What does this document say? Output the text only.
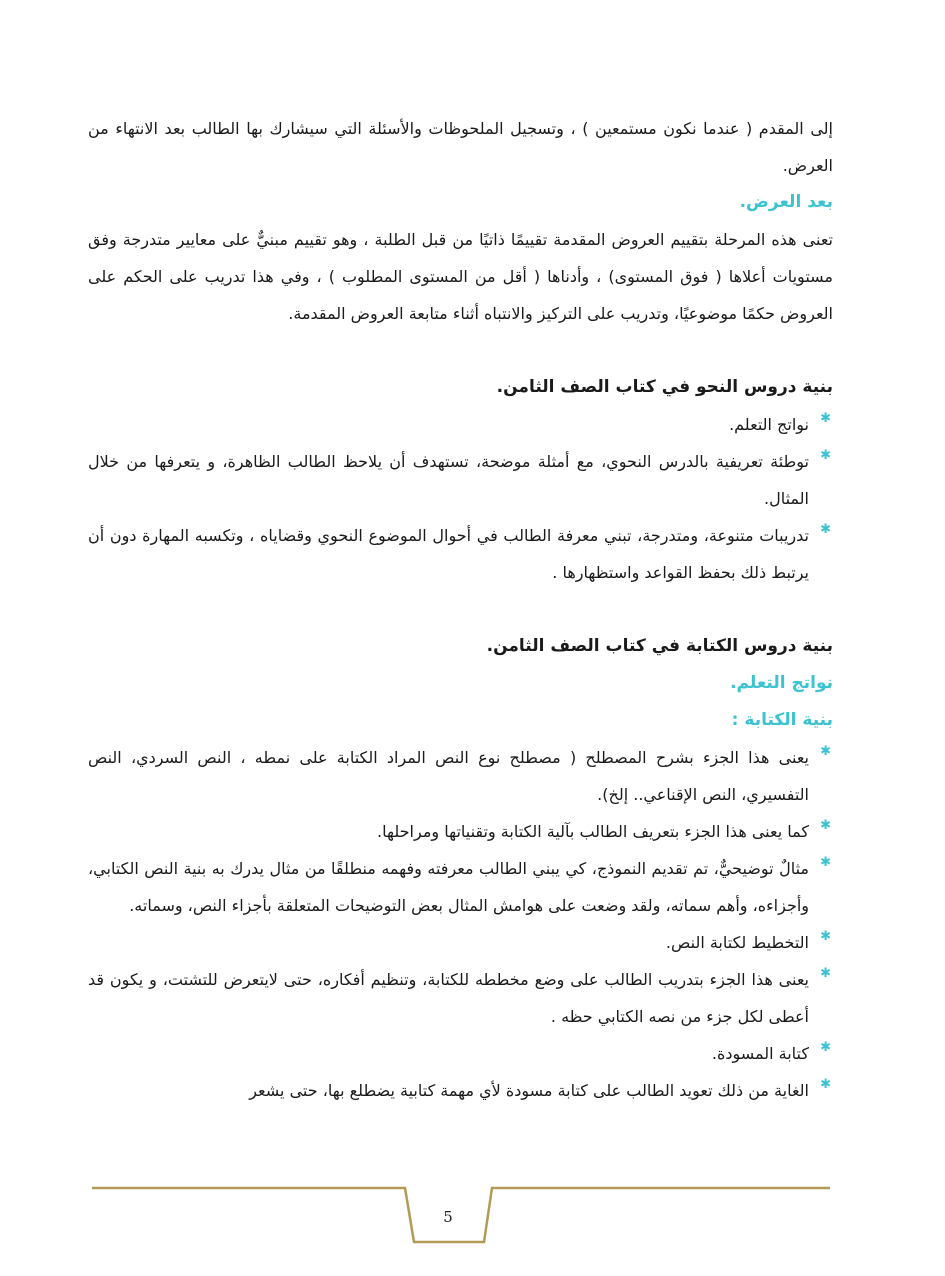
إلى المقدم ( عندما نكون مستمعين ) ، وتسجيل الملحوظات والأسئلة التي سيشارك بها الطالب بعد الانتهاء من العرض.

بعد العرض.

تعنى هذه المرحلة بتقييم العروض المقدمة تقييمًا ذاتيًا من قبل الطلبة ، وهو تقييم مبنيٌّ على معايير متدرجة وفق مستويات أعلاها ( فوق المستوى) ، وأدناها ( أقل من المستوى المطلوب ) ، وفي هذا تدريب على الحكم على العروض حكمًا موضوعيًا، وتدريب على التركيز والانتباه أثناء متابعة العروض المقدمة.

بنية دروس النحو في كتاب الصف الثامن.

✱
نواتج التعلم.
✱
توطئة تعريفية بالدرس النحوي، مع أمثلة موضحة، تستهدف أن يلاحظ الطالب الظاهرة، و يتعرفها من خلال المثال.
✱
تدريبات متنوعة، ومتدرجة، تبني معرفة الطالب في أحوال الموضوع النحوي وقضاياه ، وتكسبه المهارة دون أن يرتبط ذلك بحفظ القواعد واستظهارها .

بنية دروس الكتابة في كتاب الصف الثامن.

نواتج التعلم.

بنية الكتابة :

✱
يعنى هذا الجزء بشرح المصطلح ( مصطلح نوع النص المراد الكتابة على نمطه ، النص السردي، النص التفسيري، النص الإقناعي.. إلخ).
✱
كما يعنى هذا الجزء بتعريف الطالب بآلية الكتابة وتقنياتها ومراحلها.
✱
مثالٌ توضيحيٌّ، تم تقديم النموذج، كي يبني الطالب معرفته وفهمه منطلقًا من مثال يدرك به بنية النص الكتابي، وأجزاءه، وأهم سماته، ولقد وضعت على هوامش المثال بعض التوضيحات المتعلقة بأجزاء النص، وسماته.
✱
التخطيط لكتابة النص.
✱
يعنى هذا الجزء بتدريب الطالب على وضع مخططه للكتابة، وتنظيم أفكاره، حتى لايتعرض للتشتت، و يكون قد أعطى لكل جزء من نصه الكتابي حظه .
✱
كتابة المسودة.
✱
الغاية من ذلك تعويد الطالب على كتابة مسودة لأي مهمة كتابية يضطلع بها، حتى يشعر
5
